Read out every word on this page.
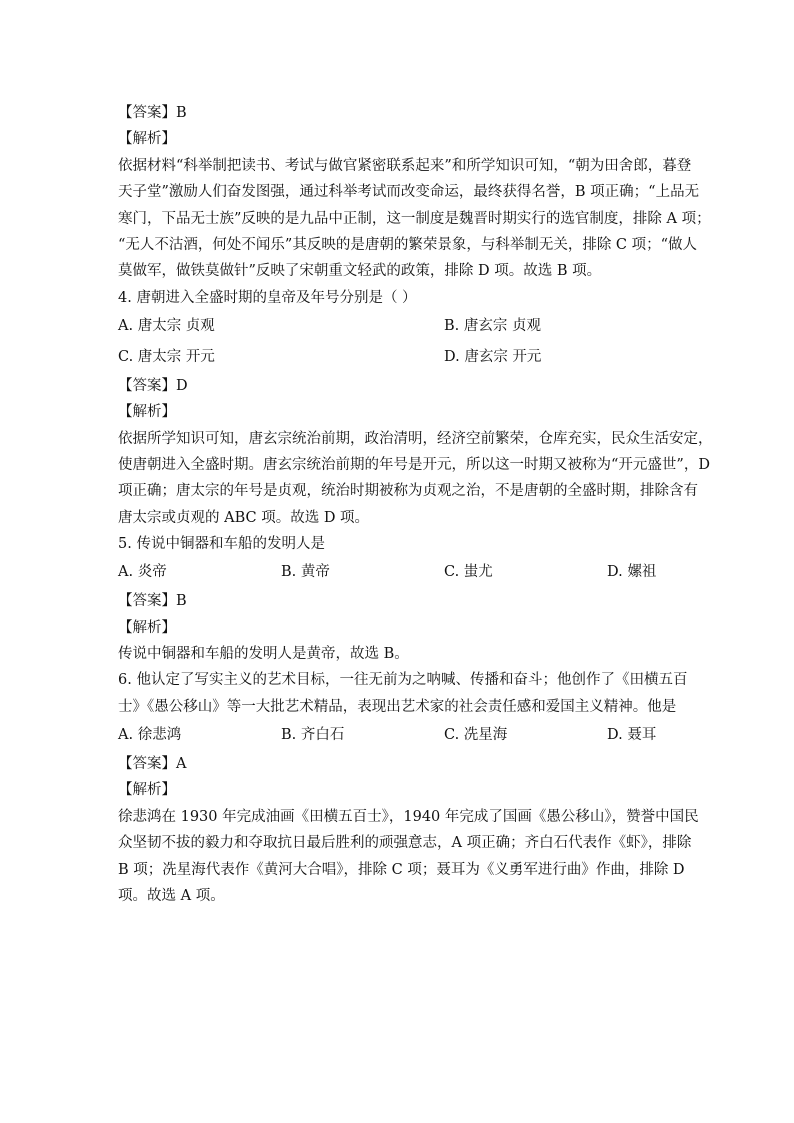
【答案】B
【解析】
依据材料“科举制把读书、考试与做官紧密联系起来”和所学知识可知，“朝为田舍郎，暮登
天子堂”激励人们奋发图强，通过科举考试而改变命运，最终获得名誉，B 项正确；“上品无
寒门，下品无士族”反映的是九品中正制，这一制度是魏晋时期实行的选官制度，排除 A 项；
“无人不沽酒，何处不闻乐”其反映的是唐朝的繁荣景象，与科举制无关，排除 C 项；“做人
莫做军，做铁莫做针”反映了宋朝重文轻武的政策，排除 D 项。故选 B 项。
4. 唐朝进入全盛时期的皇帝及年号分别是（ ）
A. 唐太宗 贞观	B. 唐玄宗 贞观
C. 唐太宗 开元	D. 唐玄宗 开元
【答案】D
【解析】
依据所学知识可知，唐玄宗统治前期，政治清明，经济空前繁荣，仓库充实，民众生活安定，
使唐朝进入全盛时期。唐玄宗统治前期的年号是开元，所以这一时期又被称为“开元盛世”，D
项正确；唐太宗的年号是贞观，统治时期被称为贞观之治，不是唐朝的全盛时期，排除含有
唐太宗或贞观的 ABC 项。故选 D 项。
5. 传说中铜器和车船的发明人是
A. 炎帝	B. 黄帝	C. 蚩尤	D. 嫘祖
【答案】B
【解析】
传说中铜器和车船的发明人是黄帝，故选 B。
6. 他认定了写实主义的艺术目标，一往无前为之呐喊、传播和奋斗；他创作了《田横五百
士》《愚公移山》等一大批艺术精品，表现出艺术家的社会责任感和爱国主义精神。他是
A. 徐悲鸿	B. 齐白石	C. 冼星海	D. 聂耳
【答案】A
【解析】
徐悲鸿在 1930 年完成油画《田横五百士》，1940 年完成了国画《愚公移山》，赞誉中国民
众坚韧不拔的毅力和夺取抗日最后胜利的顽强意志，A 项正确；齐白石代表作《虾》，排除
B 项；冼星海代表作《黄河大合唱》，排除 C 项；聂耳为《义勇军进行曲》作曲，排除 D
项。故选 A 项。
